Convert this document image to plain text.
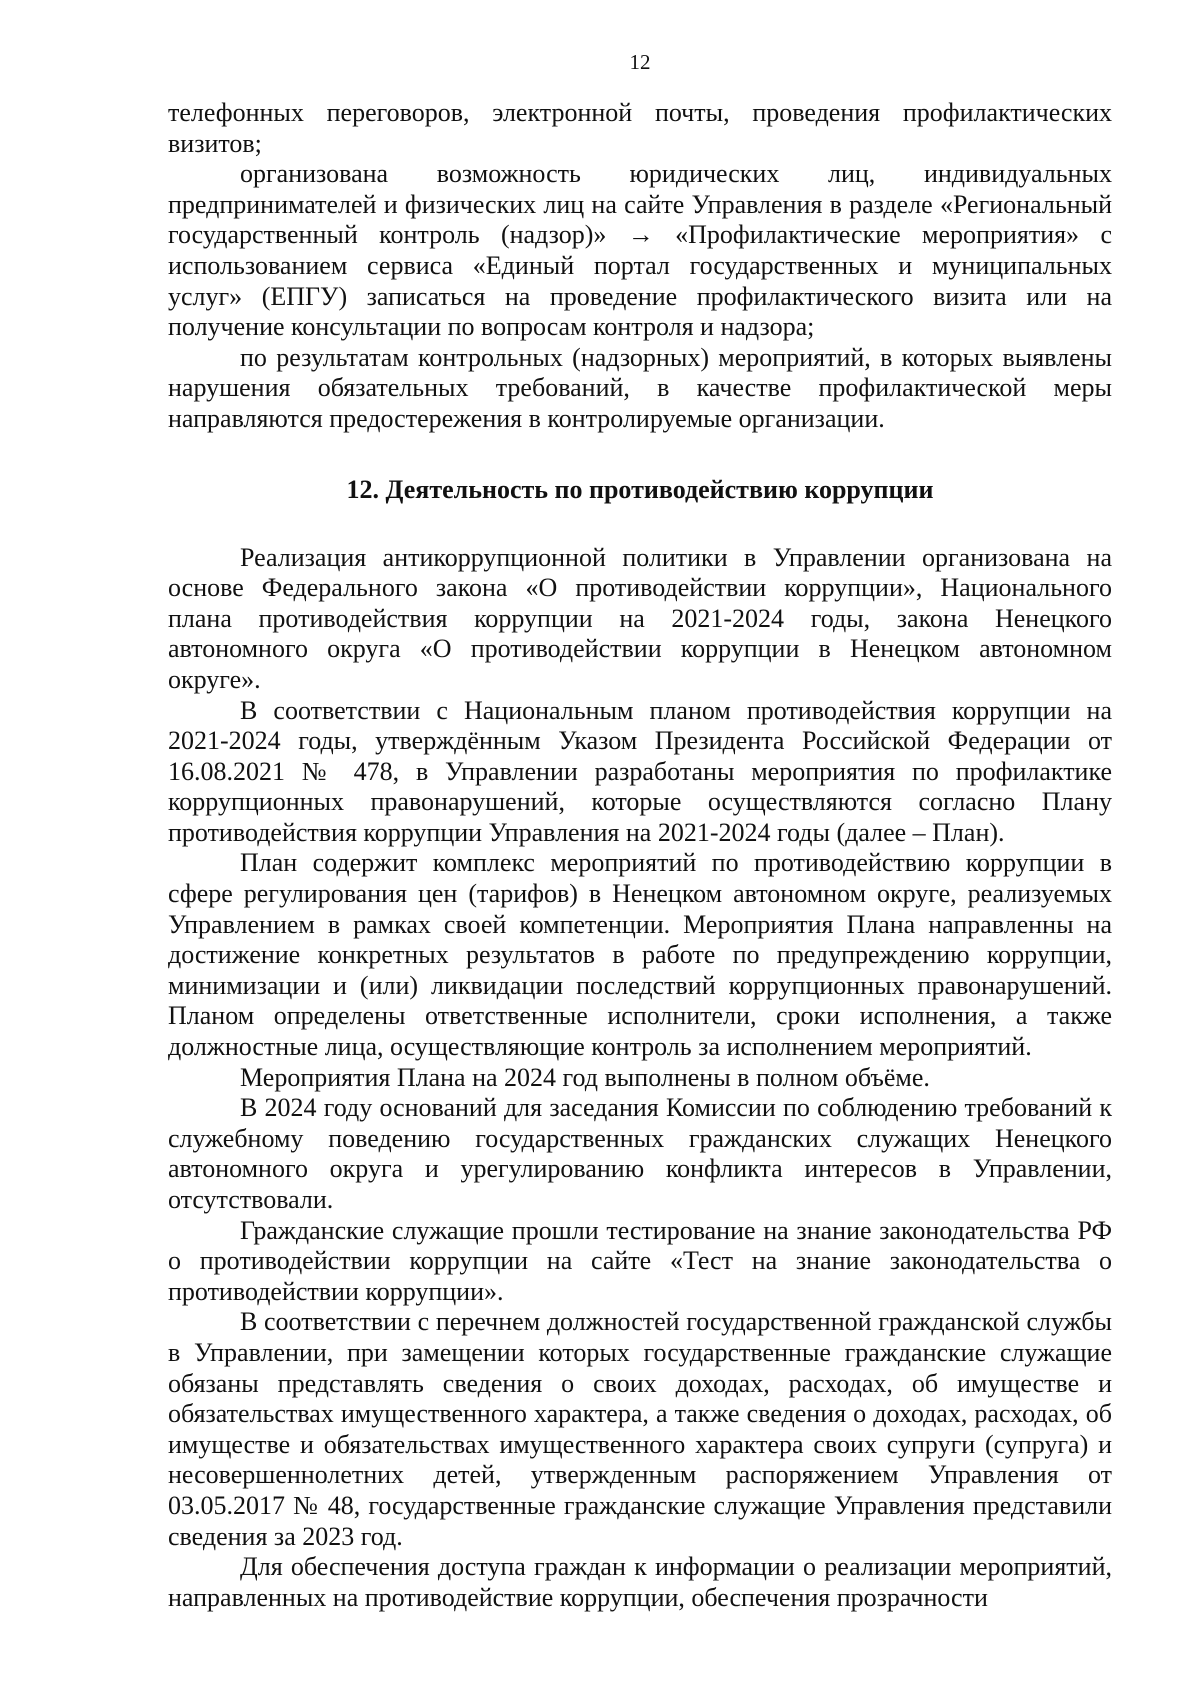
12

телефонных переговоров, электронной почты, проведения профилактических визитов;

организована возможность юридических лиц, индивидуальных предпринимателей и физических лиц на сайте Управления в разделе «Региональный государственный контроль (надзор)» → «Профилактические мероприятия» с использованием сервиса «Единый портал государственных и муниципальных услуг» (ЕПГУ) записаться на проведение профилактического визита или на получение консультации по вопросам контроля и надзора;

по результатам контрольных (надзорных) мероприятий, в которых выявлены нарушения обязательных требований, в качестве профилактической меры направляются предостережения в контролируемые организации.

12. Деятельность по противодействию коррупции

Реализация антикоррупционной политики в Управлении организована на основе Федерального закона «О противодействии коррупции», Национального плана противодействия коррупции на 2021-2024 годы, закона Ненецкого автономного округа «О противодействии коррупции в Ненецком автономном округе».

В соответствии с Национальным планом противодействия коррупции на 2021-2024 годы, утверждённым Указом Президента Российской Федерации от 16.08.2021 № 478, в Управлении разработаны мероприятия по профилактике коррупционных правонарушений, которые осуществляются согласно Плану противодействия коррупции Управления на 2021-2024 годы (далее – План).

План содержит комплекс мероприятий по противодействию коррупции в сфере регулирования цен (тарифов) в Ненецком автономном округе, реализуемых Управлением в рамках своей компетенции. Мероприятия Плана направленны на достижение конкретных результатов в работе по предупреждению коррупции, минимизации и (или) ликвидации последствий коррупционных правонарушений. Планом определены ответственные исполнители, сроки исполнения, а также должностные лица, осуществляющие контроль за исполнением мероприятий.

Мероприятия Плана на 2024 год выполнены в полном объёме.

В 2024 году оснований для заседания Комиссии по соблюдению требований к служебному поведению государственных гражданских служащих Ненецкого автономного округа и урегулированию конфликта интересов в Управлении, отсутствовали.

Гражданские служащие прошли тестирование на знание законодательства РФ о противодействии коррупции на сайте «Тест на знание законодательства о противодействии коррупции».

В соответствии с перечнем должностей государственной гражданской службы в Управлении, при замещении которых государственные гражданские служащие обязаны представлять сведения о своих доходах, расходах, об имуществе и обязательствах имущественного характера, а также сведения о доходах, расходах, об имуществе и обязательствах имущественного характера своих супруги (супруга) и несовершеннолетних детей, утвержденным распоряжением Управления от 03.05.2017 № 48, государственные гражданские служащие Управления представили сведения за 2023 год.

Для обеспечения доступа граждан к информации о реализации мероприятий, направленных на противодействие коррупции, обеспечения прозрачности
